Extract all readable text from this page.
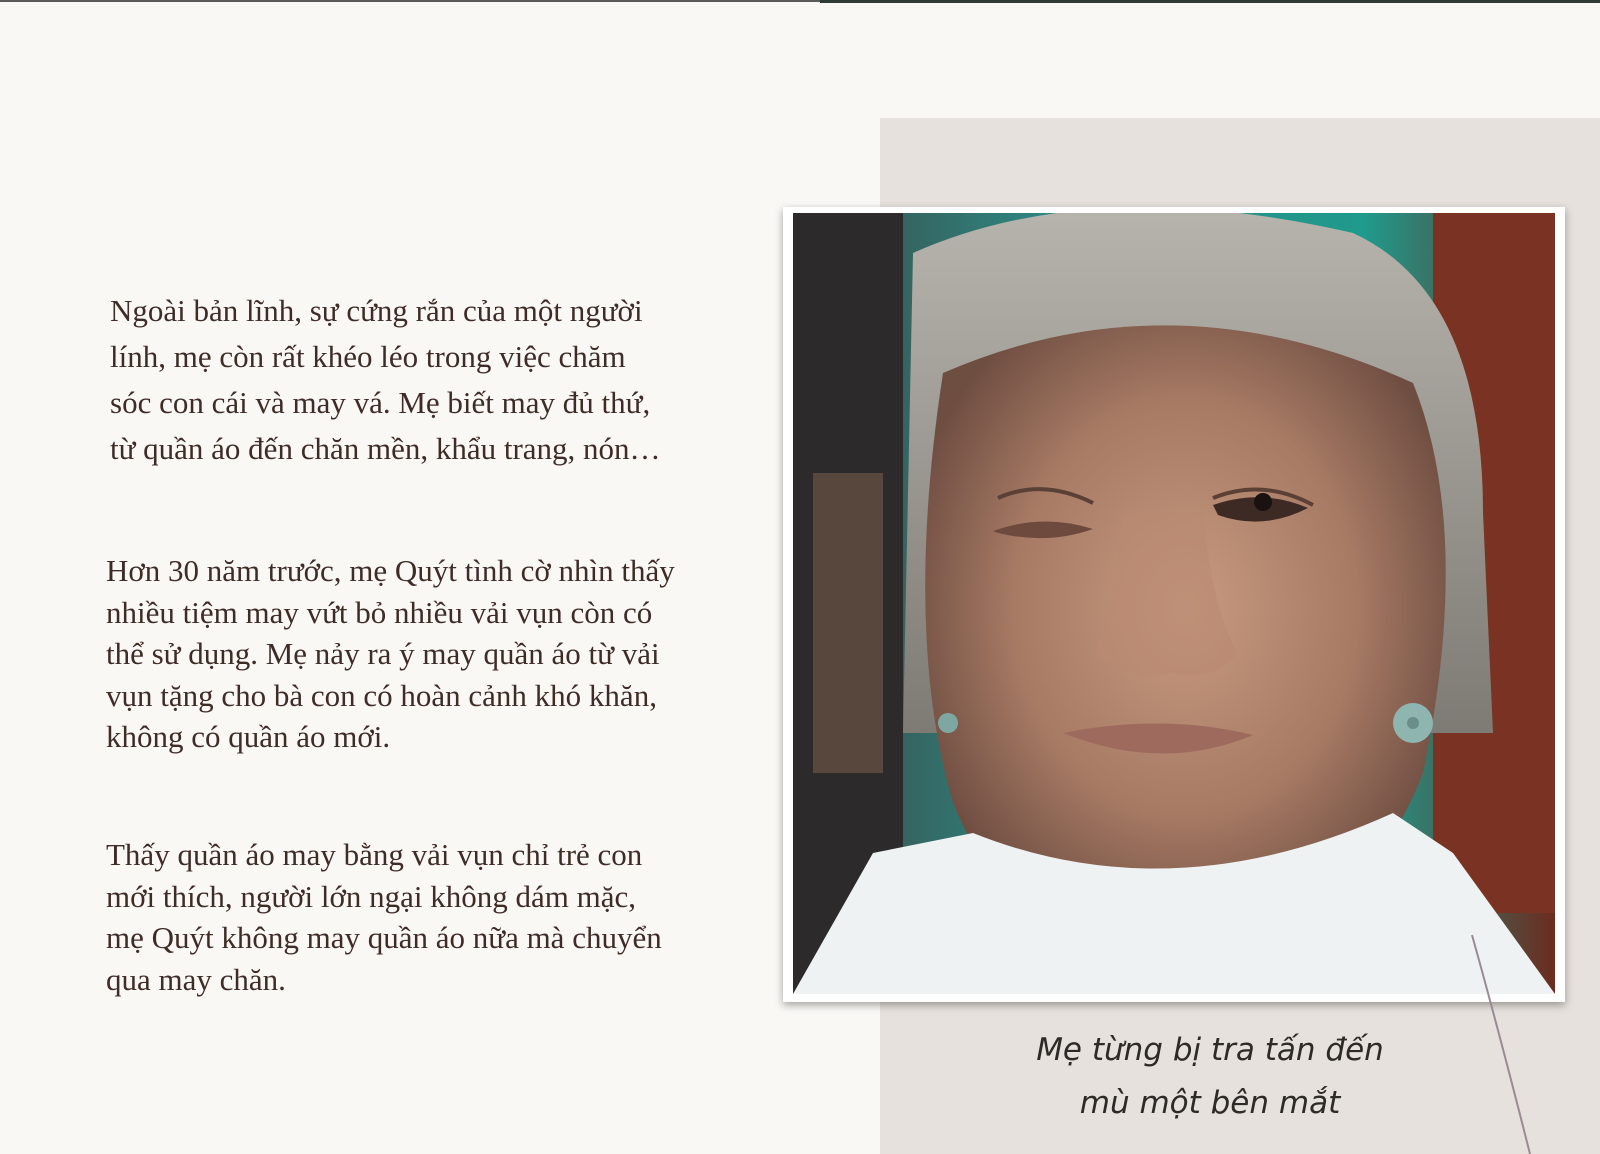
Ngoài bản lĩnh, sự cứng rắn của một người lính, mẹ còn rất khéo léo trong việc chăm sóc con cái và may vá. Mẹ biết may đủ thứ, từ quần áo đến chăn mền, khẩu trang, nón…

Hơn 30 năm trước, mẹ Quýt tình cờ nhìn thấy nhiều tiệm may vứt bỏ nhiều vải vụn còn có thể sử dụng. Mẹ nảy ra ý may quần áo từ vải vụn tặng cho bà con có hoàn cảnh khó khăn, không có quần áo mới.

Thấy quần áo may bằng vải vụn chỉ trẻ con mới thích, người lớn ngại không dám mặc, mẹ Quýt không may quần áo nữa mà chuyển qua may chăn.

Mẹ từng bị tra tấn đến
mù một bên mắt
